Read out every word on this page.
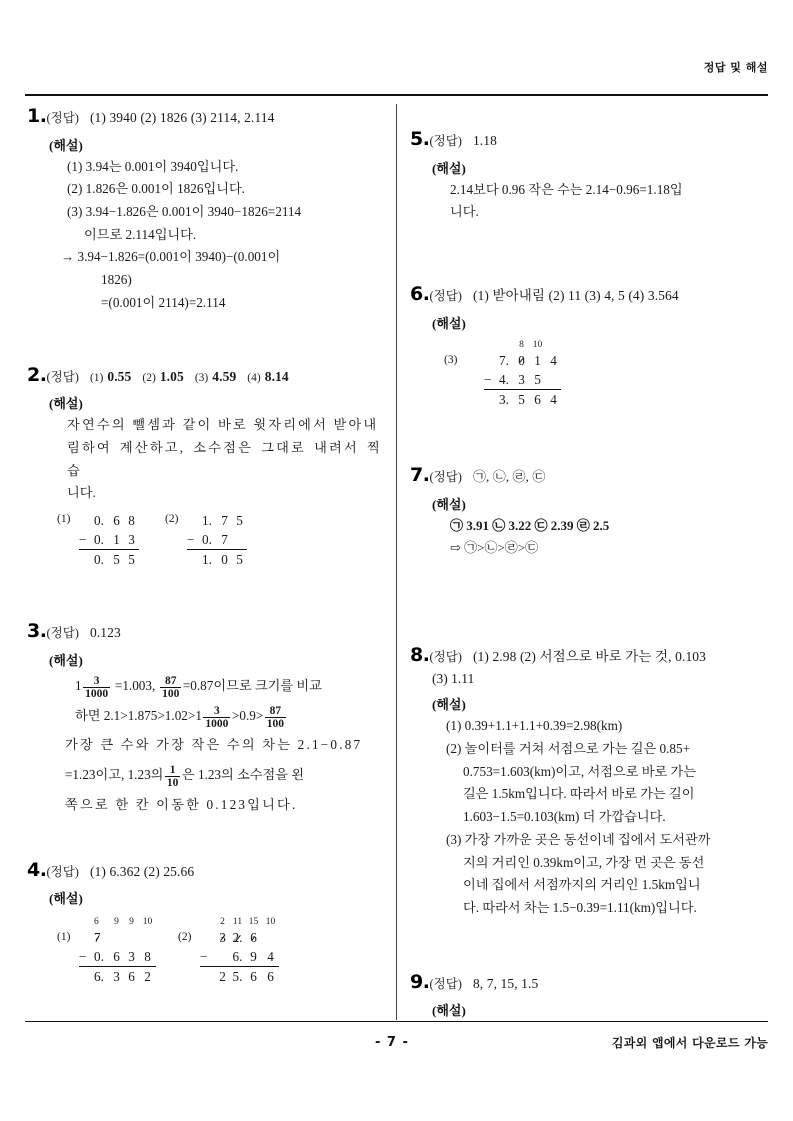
정답 및 해설
1.(정답) (1) 3940 (2) 1826 (3) 2114, 2.114
(해설)
(1) 3.94는 0.001이 3940입니다.
(2) 1.826은 0.001이 1826입니다.
(3) 3.94−1.826은 0.001이 3940−1826=2114
이므로 2.114입니다.
→ 3.94−1.826=(0.001이 3940)−(0.001이
1826)
=(0.001이 2114)=2.114
2.(정답) (1) 0.55 (2) 1.05 (3) 4.59 (4) 8.14
(해설)
자연수의 뺄셈과 같이 바로 윗자리에서 받아내
림하여 계산하고, 소수점은 그대로 내려서 찍습
니다.
(1)	0. 6 8
− 0. 1 3
0. 5 5
(2)	1. 7 5
− 0. 7
1. 0 5
3.(정답) 0.123
(해설)
$1 \frac{3}{1000} =1.003$, $\frac{87}{100} =0.87$이므로 크기를 비교
하면 $2.1>1.875>1.02>1 \frac{3}{1000} >0.9> \frac{87}{100}$
가장 큰 수와 가장 작은 수의 차는 2.1−0.87
=1.23이고, 1.23의 $\frac{1}{10}$ 은 1.23의 소수점을 왼
쪽으로 한 칸 이동한 0.123입니다.
4.(정답) (1) 6.362 (2) 25.66
(해설)
(1)
6 9 9 10
7
− 0. 6 3 8
6. 3 6 2
(2)
2 11 15 10
3 2. 6
− 6. 9 4
2 5. 6 6
5.(정답) 1.18
(해설)
2.14보다 0.96 작은 수는 2.14−0.96=1.18입
니다.
6.(정답) (1) 받아내림 (2) 11 (3) 4, 5 (4) 3.564
(해설)
(3)
8 10
7. 0 1 4
− 4. 3 5
3. 5 6 4
7.(정답) ㉠, ㉡, ㉣, ㉢
(해설)
㉠ 3.91 ㉡ 3.22 ㉢ 2.39 ㉣ 2.5
⇨ ㉠>㉡>㉣>㉢
8.(정답) (1) 2.98 (2) 서점으로 바로 가는 것, 0.103
(3) 1.11
(해설)
(1) 0.39+1.1+1.1+0.39=2.98(km)
(2) 놀이터를 거쳐 서점으로 가는 길은 0.85+
0.753=1.603(km)이고, 서점으로 바로 가는
길은 1.5km입니다. 따라서 바로 가는 길이
1.603−1.5=0.103(km) 더 가깝습니다.
(3) 가장 가까운 곳은 동선이네 집에서 도서관까
지의 거리인 0.39km이고, 가장 먼 곳은 동선
이네 집에서 서점까지의 거리인 1.5km입니
다. 따라서 차는 1.5−0.39=1.11(km)입니다.
9.(정답) 8, 7, 15, 1.5
(해설)
- 7 -	김과외 앱에서 다운로드 가능
